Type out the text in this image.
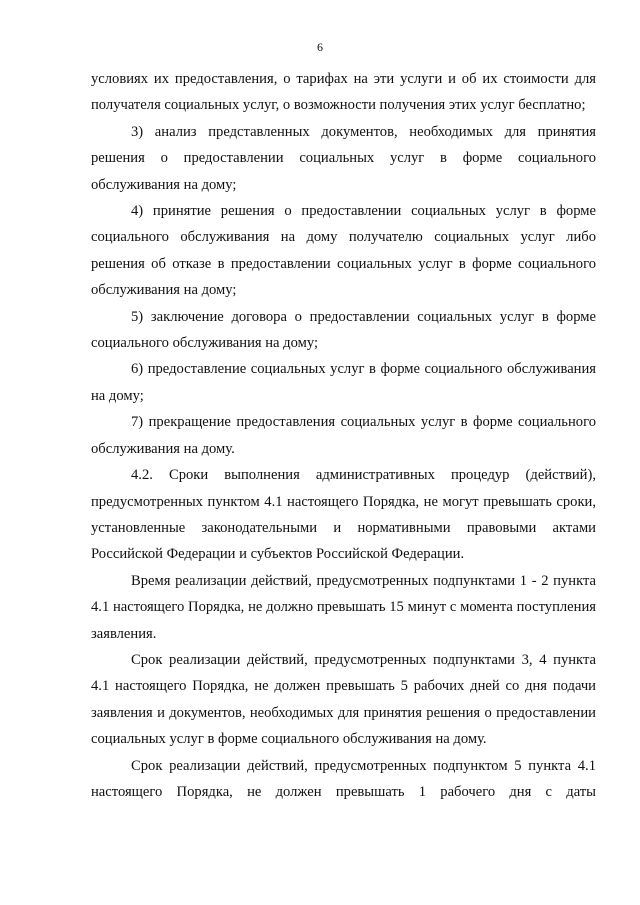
6

условиях их предоставления, о тарифах на эти услуги и об их стоимости для получателя социальных услуг, о возможности получения этих услуг бесплатно;

3) анализ представленных документов, необходимых для принятия решения о предоставлении социальных услуг в форме социального обслуживания на дому;

4) принятие решения о предоставлении социальных услуг в форме социального обслуживания на дому получателю социальных услуг либо решения об отказе в предоставлении социальных услуг в форме социального обслуживания на дому;

5) заключение договора о предоставлении социальных услуг в форме социального обслуживания на дому;

6) предоставление социальных услуг в форме социального обслуживания на дому;

7) прекращение предоставления социальных услуг в форме социального обслуживания на дому.

4.2. Сроки выполнения административных процедур (действий), предусмотренных пунктом 4.1 настоящего Порядка, не могут превышать сроки, установленные законодательными и нормативными правовыми актами Российской Федерации и субъектов Российской Федерации.

Время реализации действий, предусмотренных подпунктами 1 - 2 пункта 4.1 настоящего Порядка, не должно превышать 15 минут с момента поступления заявления.

Срок реализации действий, предусмотренных подпунктами 3, 4 пункта 4.1 настоящего Порядка, не должен превышать 5 рабочих дней со дня подачи заявления и документов, необходимых для принятия решения о предоставлении социальных услуг в форме социального обслуживания на дому.

Срок реализации действий, предусмотренных подпунктом 5 пункта 4.1 настоящего Порядка, не должен превышать 1 рабочего дня с даты
